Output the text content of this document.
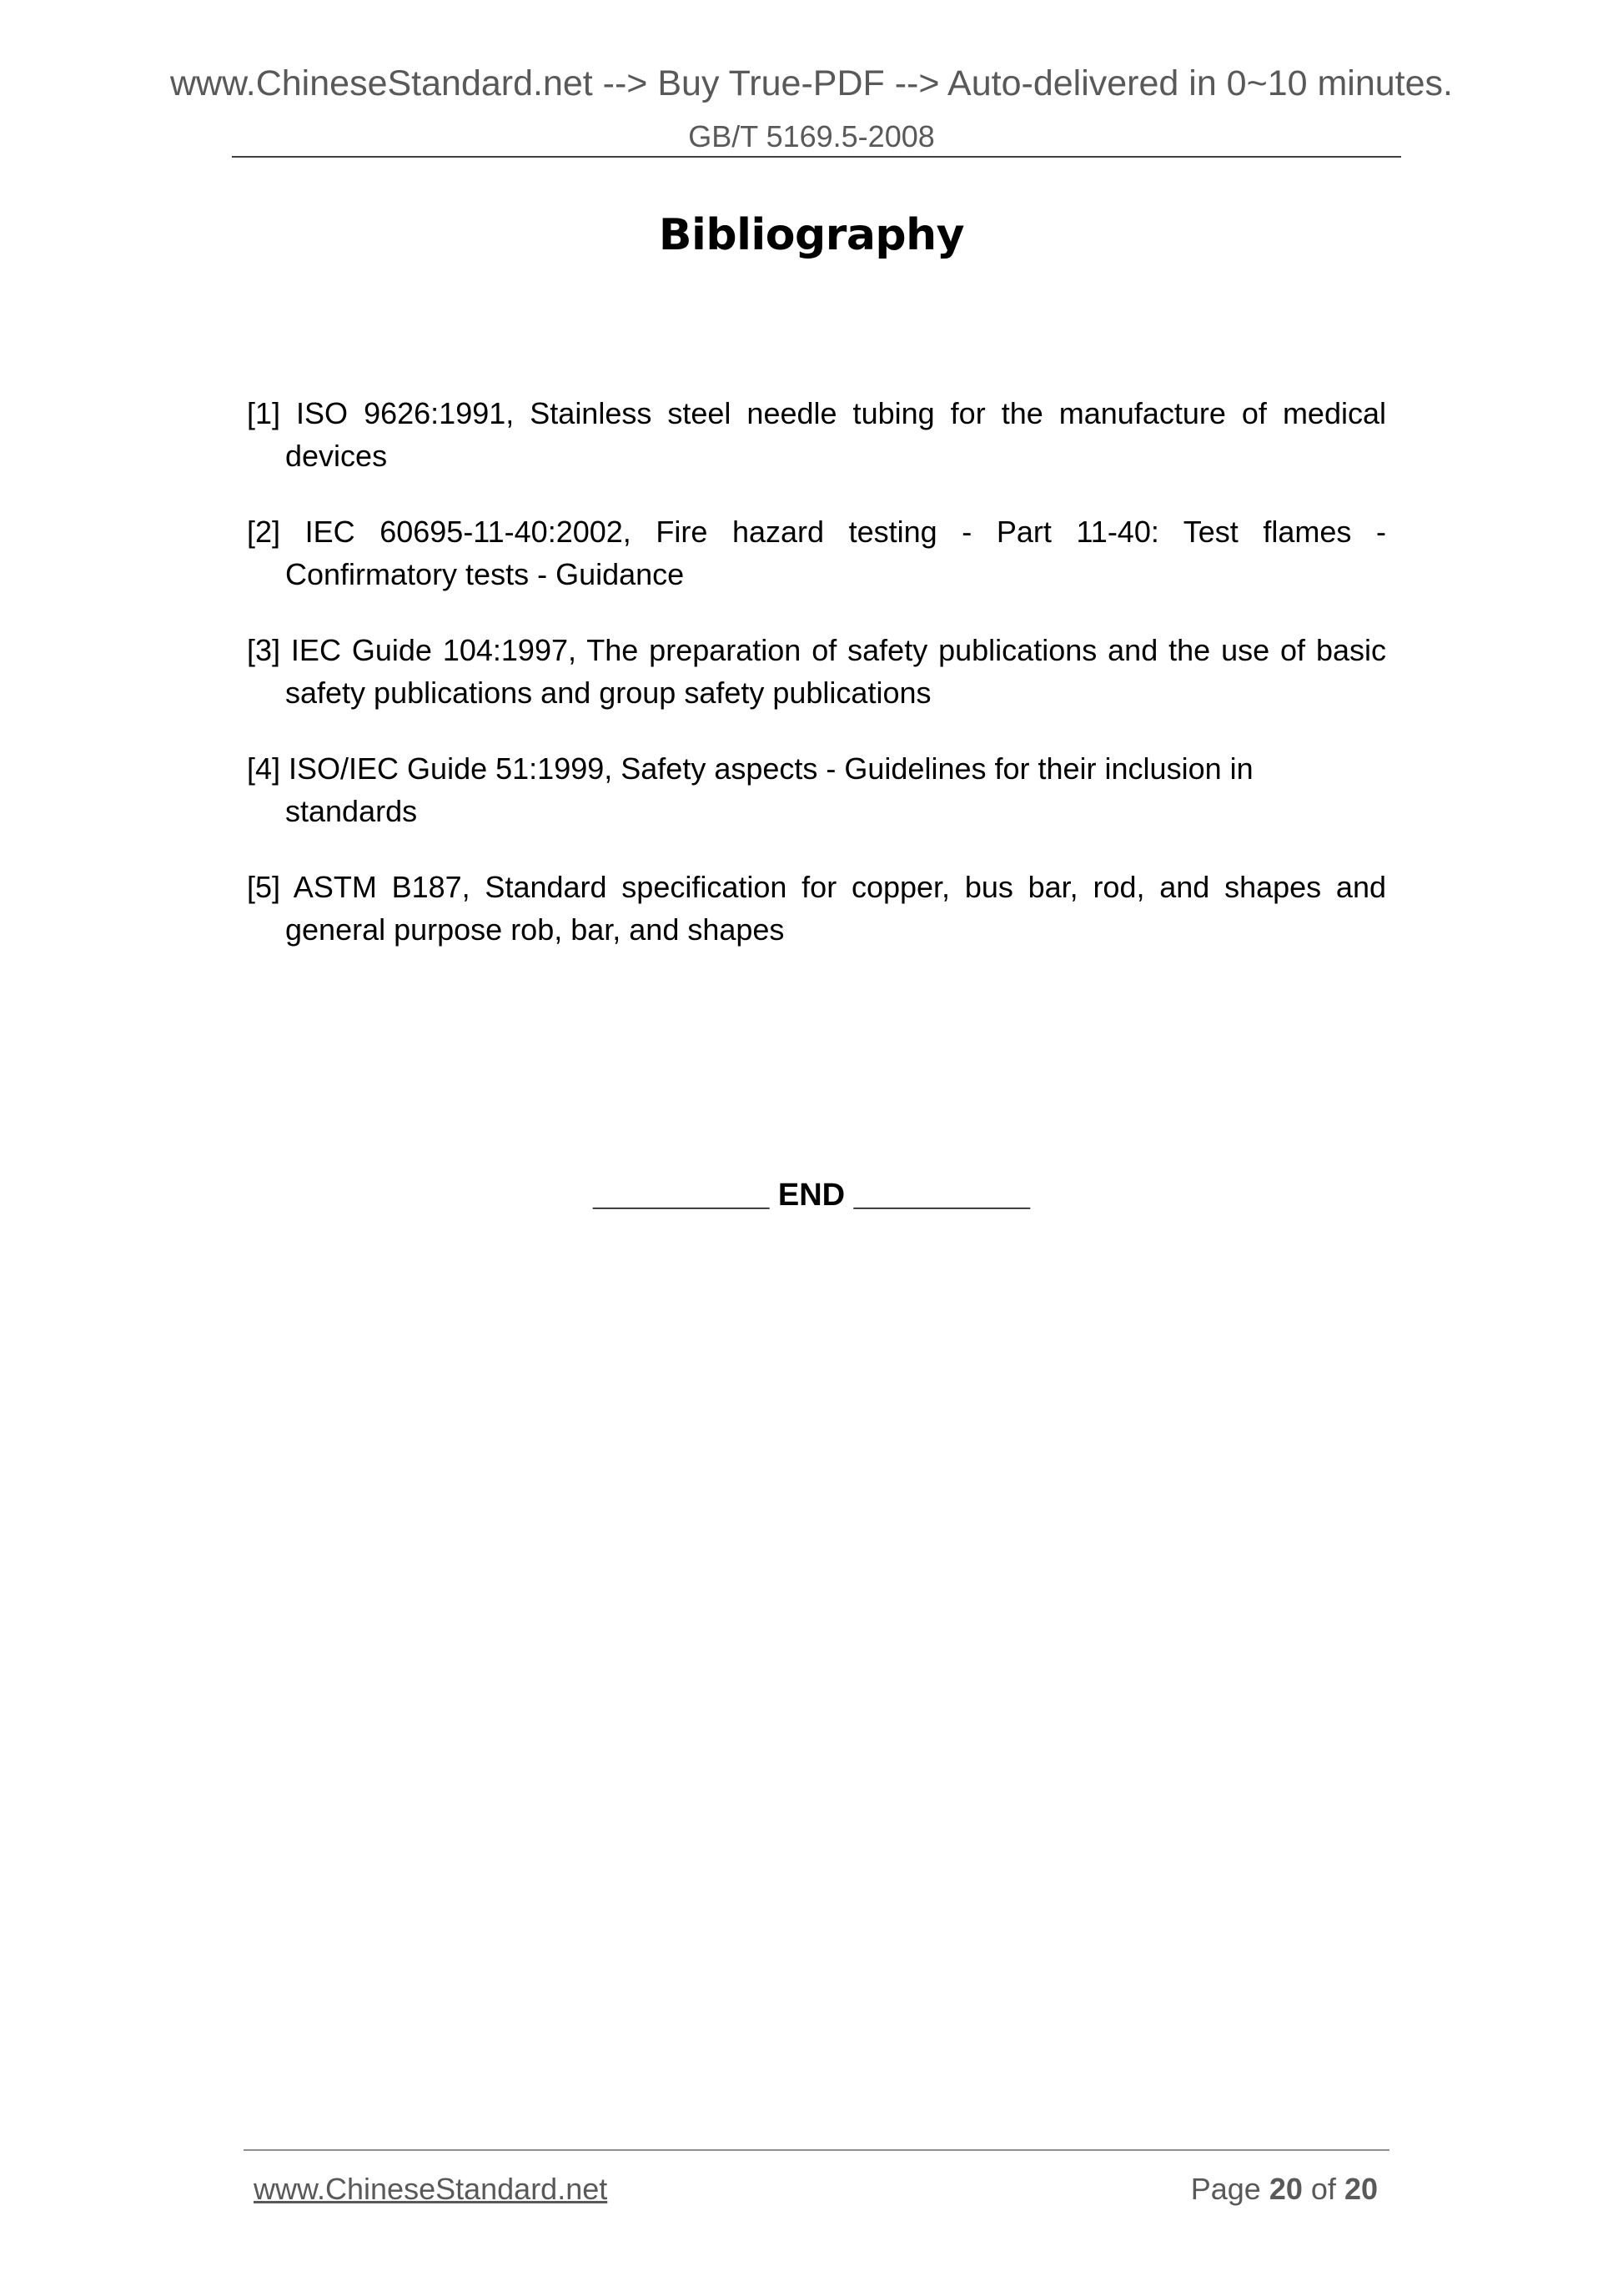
www.ChineseStandard.net --> Buy True-PDF --> Auto-delivered in 0~10 minutes.
GB/T 5169.5-2008
Bibliography
[1] ISO 9626:1991, Stainless steel needle tubing for the manufacture of medical devices
[2] IEC 60695-11-40:2002, Fire hazard testing - Part 11-40: Test flames - Confirmatory tests - Guidance
[3] IEC Guide 104:1997, The preparation of safety publications and the use of basic safety publications and group safety publications
[4] ISO/IEC Guide 51:1999, Safety aspects - Guidelines for their inclusion in standards
[5] ASTM B187, Standard specification for copper, bus bar, rod, and shapes and general purpose rob, bar, and shapes
__________ END __________
www.ChineseStandard.net	Page 20 of 20
